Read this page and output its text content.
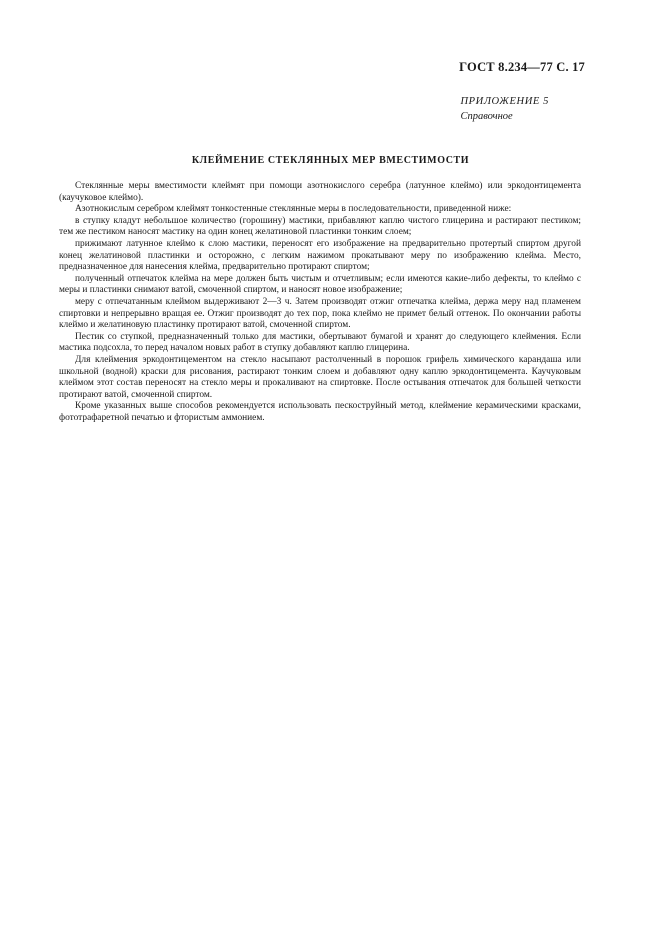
ГОСТ 8.234—77 С. 17
ПРИЛОЖЕНИЕ 5
Справочное
КЛЕЙМЕНИЕ СТЕКЛЯННЫХ МЕР ВМЕСТИМОСТИ

Стеклянные меры вместимости клеймят при помощи азотнокислого серебра (латунное клеймо) или эркодонтицемента (каучуковое клеймо).

Азотнокислым серебром клеймят тонкостенные стеклянные меры в последовательности, приведенной ниже:

в ступку кладут небольшое количество (горошину) мастики, прибавляют каплю чистого глицерина и растирают пестиком; тем же пестиком наносят мастику на один конец желатиновой пластинки тонким слоем;

прижимают латунное клеймо к слою мастики, переносят его изображение на предварительно протертый спиртом другой конец желатиновой пластинки и осторожно, с легким нажимом прокатывают меру по изображению клейма. Место, предназначенное для нанесения клейма, предварительно протирают спиртом;

полученный отпечаток клейма на мере должен быть чистым и отчетливым; если имеются какие-либо дефекты, то клеймо с меры и пластинки снимают ватой, смоченной спиртом, и наносят новое изображение;

меру с отпечатанным клеймом выдерживают 2—3 ч. Затем производят отжиг отпечатка клейма, держа меру над пламенем спиртовки и непрерывно вращая ее. Отжиг производят до тех пор, пока клеймо не примет белый оттенок. По окончании работы клеймо и желатиновую пластинку протирают ватой, смоченной спиртом.

Пестик со ступкой, предназначенный только для мастики, обертывают бумагой и хранят до следующего клеймения. Если мастика подсохла, то перед началом новых работ в ступку добавляют каплю глицерина.

Для клеймения эркодонтицементом на стекло насыпают растолченный в порошок грифель химического карандаша или школьной (водной) краски для рисования, растирают тонким слоем и добавляют одну каплю эркодонтицемента. Каучуковым клеймом этот состав переносят на стекло меры и прокаливают на спиртовке. После остывания отпечаток для большей четкости протирают ватой, смоченной спиртом.

Кроме указанных выше способов рекомендуется использовать пескоструйный метод, клеймение керамическими красками, фототрафаретной печатью и фтористым аммонием.
